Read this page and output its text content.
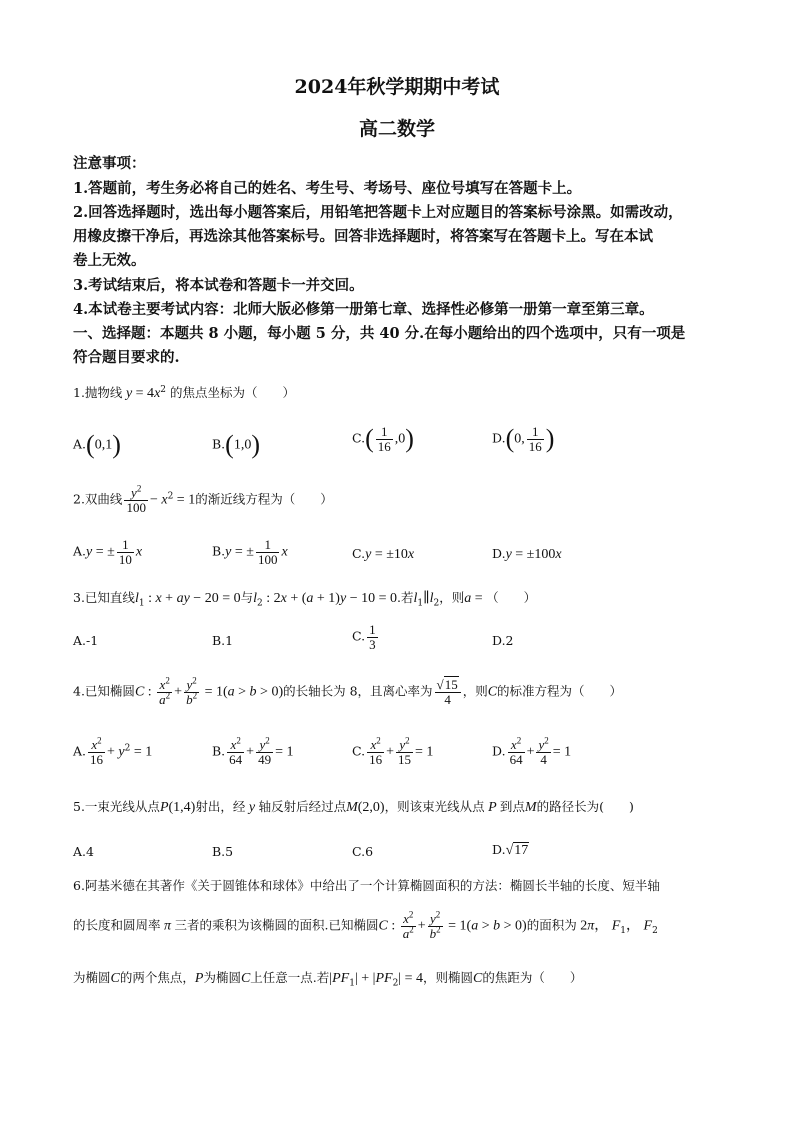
2024年秋学期期中考试
高二数学
注意事项：
1.答题前，考生务必将自己的姓名、考生号、考场号、座位号填写在答题卡上。
2.回答选择题时，选出每小题答案后，用铅笔把答题卡上对应题目的答案标号涂黑。如需改动，
用橡皮擦干净后，再选涂其他答案标号。回答非选择题时，将答案写在答题卡上。写在本试
卷上无效。
3.考试结束后，将本试卷和答题卡一并交回。
4.本试卷主要考试内容：北师大版必修第一册第七章、选择性必修第一册第一章至第三章。
一、选择题：本题共 8 小题，每小题 5 分，共 40 分.在每小题给出的四个选项中，只有一项是
符合题目要求的.
1.抛物线 $y = 4x^2$ 的焦点坐标为（　　）
A.(0,1)	B.(1,0)	$C.( \frac{1}{16} ,0)$	D.(0, $\frac{1}{16}$ )
2.双曲线 $\frac{y^2}{100} - x^2 = 1$的渐近线方程为（　　）
A.y = ± $\frac{1}{10}$ x	B.y = ± $\frac{1}{100}$ x	C.y = ±10x	D.y = ±100x
3.已知直线$l_1$ : x + ay − 20 = 0与$l_2$ : 2x + (a + 1)y − 10 = 0.若$l_1\parallel l_2$，则a = （　　）
A.-1	B.1	C. $\frac{1}{3}$	D.2
4.已知椭圆C : $\frac{x^2}{a^2} + \frac{y^2}{b^2} = 1(a > b > 0)$的长轴长为 8，且离心率为 $\frac{√15}{4}$ ，则C的标准方程为（　　）
A. $\frac{x^2}{16} + y^2 = 1$	B. $\frac{x^2}{64} + \frac{y^2}{49} = 1$	C. $\frac{x^2}{16} + \frac{y^2}{15} = 1$	D. $\frac{x^2}{64} + \frac{y^2}{4} = 1$
5.一束光线从点P(1,4)射出，经 y 轴反射后经过点M(2,0)，则该束光线从点 P 到点M的路径长为(　　)
A.4	B.5	C.6	D.√17
6.阿基米德在其著作《关于圆锥体和球体》中给出了一个计算椭圆面积的方法：椭圆长半轴的长度、短半轴
的长度和圆周率 π 三者的乘积为该椭圆的面积.已知椭圆C : $\frac{x^2}{a^2} + \frac{y^2}{b^2} = 1(a > b > 0)$的面积为 2π， $F_1$， $F_2$
为椭圆C的两个焦点，P为椭圆C上任意一点.若$|PF_1| + |PF_2| = 4$，则椭圆C的焦距为（　　）
